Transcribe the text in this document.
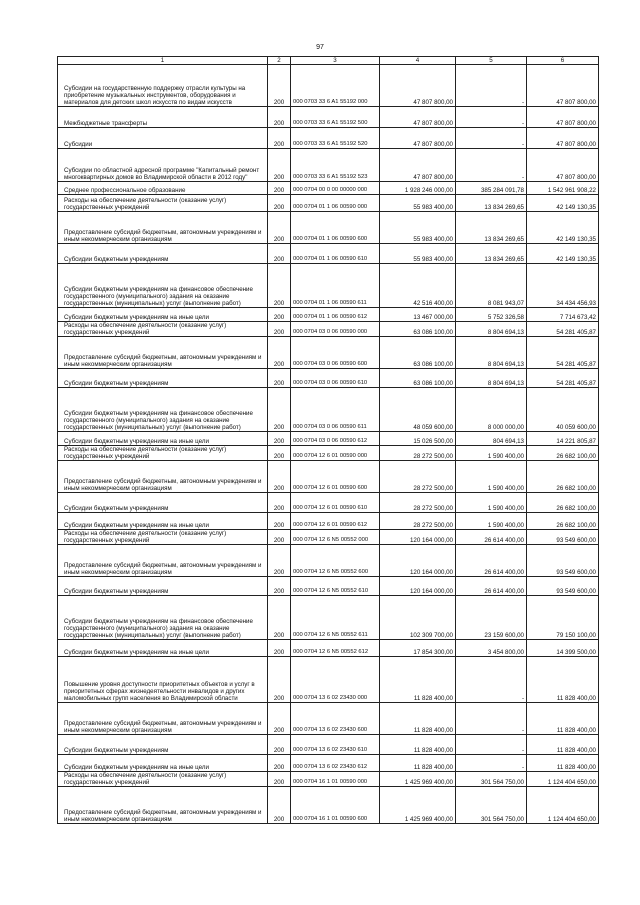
97
1	2	3	4	5	6
Субсидии на государственную поддержку отрасли культуры на приобретение музыкальных инструментов, оборудования и материалов для детских школ искусств по видам искусств	200	000 0703 33 6 A1 55192 000	47 807 800,00	-	47 807 800,00
Межбюджетные трансферты	200	000 0703 33 6 A1 55192 500	47 807 800,00	-	47 807 800,00
Субсидии	200	000 0703 33 6 A1 55192 520	47 807 800,00	-	47 807 800,00
Субсидии по областной адресной программе "Капитальный ремонт многоквартирных домов во Владимирской области в 2012 году"	200	000 0703 33 6 A1 55192 523	47 807 800,00	-	47 807 800,00
Среднее профессиональное образование	200	000 0704 00 0 00 00000 000	1 928 246 000,00	385 284 091,78	1 542 961 908,22
Расходы на обеспечение деятельности (оказание услуг) государственных учреждений	200	000 0704 01 1 06 00590 000	55 983 400,00	13 834 269,65	42 149 130,35
Предоставление субсидий бюджетным, автономным учреждениям и иным некоммерческим организациям	200	000 0704 01 1 06 00590 600	55 983 400,00	13 834 269,65	42 149 130,35
Субсидии бюджетным учреждениям	200	000 0704 01 1 06 00590 610	55 983 400,00	13 834 269,65	42 149 130,35
Субсидии бюджетным учреждениям на финансовое обеспечение государственного (муниципального) задания на оказание государственных (муниципальных) услуг (выполнение работ)	200	000 0704 01 1 06 00590 611	42 516 400,00	8 081 943,07	34 434 456,93
Субсидии бюджетным учреждениям на иные цели	200	000 0704 01 1 06 00590 612	13 467 000,00	5 752 326,58	7 714 673,42
Расходы на обеспечение деятельности (оказание услуг) государственных учреждений	200	000 0704 03 0 06 00590 000	63 086 100,00	8 804 694,13	54 281 405,87
Предоставление субсидий бюджетным, автономным учреждениям и иным некоммерческим организациям	200	000 0704 03 0 06 00590 600	63 086 100,00	8 804 694,13	54 281 405,87
Субсидии бюджетным учреждениям	200	000 0704 03 0 06 00590 610	63 086 100,00	8 804 694,13	54 281 405,87
Субсидии бюджетным учреждениям на финансовое обеспечение государственного (муниципального) задания на оказание государственных (муниципальных) услуг (выполнение работ)	200	000 0704 03 0 06 00590 611	48 059 600,00	8 000 000,00	40 059 600,00
Субсидии бюджетным учреждениям на иные цели	200	000 0704 03 0 06 00590 612	15 026 500,00	804 694,13	14 221 805,87
Расходы на обеспечение деятельности (оказание услуг) государственных учреждений	200	000 0704 12 6 01 00590 000	28 272 500,00	1 590 400,00	26 682 100,00
Предоставление субсидий бюджетным, автономным учреждениям и иным некоммерческим организациям	200	000 0704 12 6 01 00590 600	28 272 500,00	1 590 400,00	26 682 100,00
Субсидии бюджетным учреждениям	200	000 0704 12 6 01 00590 610	28 272 500,00	1 590 400,00	26 682 100,00
Субсидии бюджетным учреждениям на иные цели	200	000 0704 12 6 01 00590 612	28 272 500,00	1 590 400,00	26 682 100,00
Расходы на обеспечение деятельности (оказание услуг) государственных учреждений	200	000 0704 12 6 N5 00552 000	120 164 000,00	26 614 400,00	93 549 600,00
Предоставление субсидий бюджетным, автономным учреждениям и иным некоммерческим организациям	200	000 0704 12 6 N5 00552 600	120 164 000,00	26 614 400,00	93 549 600,00
Субсидии бюджетным учреждениям	200	000 0704 12 6 N5 00552 610	120 164 000,00	26 614 400,00	93 549 600,00
Субсидии бюджетным учреждениям на финансовое обеспечение государственного (муниципального) задания на оказание государственных (муниципальных) услуг (выполнение работ)	200	000 0704 12 6 N5 00552 611	102 309 700,00	23 159 600,00	79 150 100,00
Субсидии бюджетным учреждениям на иные цели	200	000 0704 12 6 N5 00552 612	17 854 300,00	3 454 800,00	14 399 500,00
Повышение уровня доступности приоритетных объектов и услуг в приоритетных сферах жизнедеятельности инвалидов и других маломобильных групп населения во Владимирской области	200	000 0704 13 6 02 23430 000	11 828 400,00	-	11 828 400,00
Предоставление субсидий бюджетным, автономным учреждениям и иным некоммерческим организациям	200	000 0704 13 6 02 23430 600	11 828 400,00	-	11 828 400,00
Субсидии бюджетным учреждениям	200	000 0704 13 6 02 23430 610	11 828 400,00	-	11 828 400,00
Субсидии бюджетным учреждениям на иные цели	200	000 0704 13 6 02 23430 612	11 828 400,00	-	11 828 400,00
Расходы на обеспечение деятельности (оказание услуг) государственных учреждений	200	000 0704 16 1 01 00590 000	1 425 969 400,00	301 564 750,00	1 124 404 650,00
Предоставление субсидий бюджетным, автономным учреждениям и иным некоммерческим организациям	200	000 0704 16 1 01 00590 600	1 425 969 400,00	301 564 750,00	1 124 404 650,00
